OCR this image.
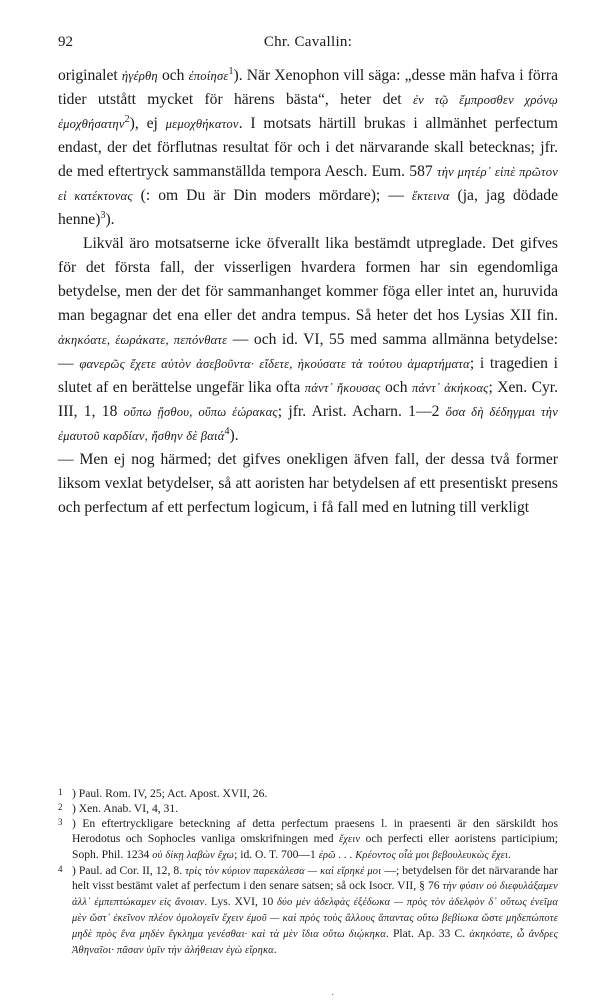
92	Chr. Cavallin:

originalet ἠγέρθη och ἐποίησε$^1$). När Xenophon vill säga: „desse män hafva i förra tider utstått mycket för härens bästa“, heter det ἐν τῷ ἔμπροσθεν χρόνῳ ἐμοχθήσατην$^2$), ej μεμοχθήκατον. I motsats härtill brukas i allmänhet perfectum endast, der det förflutnas resultat för och i det närvarande skall betecknas; jfr. de med eftertryck sammanställda tempora Aesch. Eum. 587 τὴν μητέρ᾽ εἰπὲ πρῶτον εἰ κατέκτονας (: om Du är Din moders mördare); — ἔκτεινα (ja, jag dödade henne)$^3$).

Likväl äro motsatserne icke öfverallt lika bestämdt utpreglade. Det gifves för det första fall, der visserligen hvardera formen har sin egendomliga betydelse, men der det för sammanhanget kommer föga eller intet an, huruvida man begagnar det ena eller det andra tempus. Så heter det hos Lysias XII fin. ἀκηκόατε, ἑωράκατε, πεπόνθατε — och id. VI, 55 med samma allmänna betydelse: — φανερῶς ἔχετε αὐτὸν ἀσεβοῦντα· εἴδετε, ἠκούσατε τὰ τούτου ἁμαρτήματα; i tragedien i slutet af en berättelse ungefär lika ofta πάντ᾽ ἤκουσας och πάντ᾽ ἀκήκοας; Xen. Cyr. III, 1, 18 οὔπω ᾔσθου, οὔπω ἑώρακας; jfr. Arist. Acharn. 1—2 ὅσα δὴ δέδηγμαι τὴν ἐμαυτοῦ καρδίαν, ἥσθην δὲ βαιά$^4$).

— Men ej nog härmed; det gifves onekligen äfven fall, der dessa två former liksom vexlat betydelser, så att aoristen har betydelsen af ett presentiskt presens och perfectum af ett perfectum logicum, i få fall med en lutning till verkligt

1 ) Paul. Rom. IV, 25; Act. Apost. XVII, 26.

2 ) Xen. Anab. VI, 4, 31.

3 ) En eftertryckligare beteckning af detta perfectum praesens l. in praesenti är den särskildt hos Herodotus och Sophocles vanliga omskrifningen med ἔχειν och perfecti eller aoristens participium; Soph. Phil. 1234 οὐ δίκῃ λαβὼν ἔχω; id. O. T. 700—1 ἐρῶ . . . Κρέοντος οἷά μοι βεβουλευκὼς ἔχει.

4 ) Paul. ad Cor. II, 12, 8. τρὶς τὸν κύριον παρεκάλεσα — καὶ εἴρηκέ μοι —; betydelsen för det närvarande har helt visst bestämt valet af perfectum i den senare satsen; så ock Isocr. VII, § 76 τὴν φύσιν οὐ διεφυλάξαμεν ἀλλ᾽ ἐμπεπτώκαμεν εἰς ἄνοιαν. Lys. XVI, 10 δύο μὲν ἀδελφὰς ἐξέδωκα — πρὸς τὸν ἀδελφὸν δ᾽ οὕτως ἐνεῖμα μὲν ὥστ᾽ ἐκεῖνον πλέον ὁμολογεῖν ἔχειν ἐμοῦ — καὶ πρὸς τοὺς ἄλλους ἅπαντας οὕτω βεβίωκα ὥστε μηδεπώποτε μηδὲ πρὸς ἕνα μηδὲν ἔγκλημα γενέσθαι· καὶ τὰ μὲν ἴδια οὕτω διῴκηκα. Plat. Ap. 33 C. ἀκηκόατε, ὦ ἄνδρες Ἀθηναῖοι· πᾶσαν ὑμῖν τὴν ἀλήθειαν ἐγὼ εἴρηκα.

·
